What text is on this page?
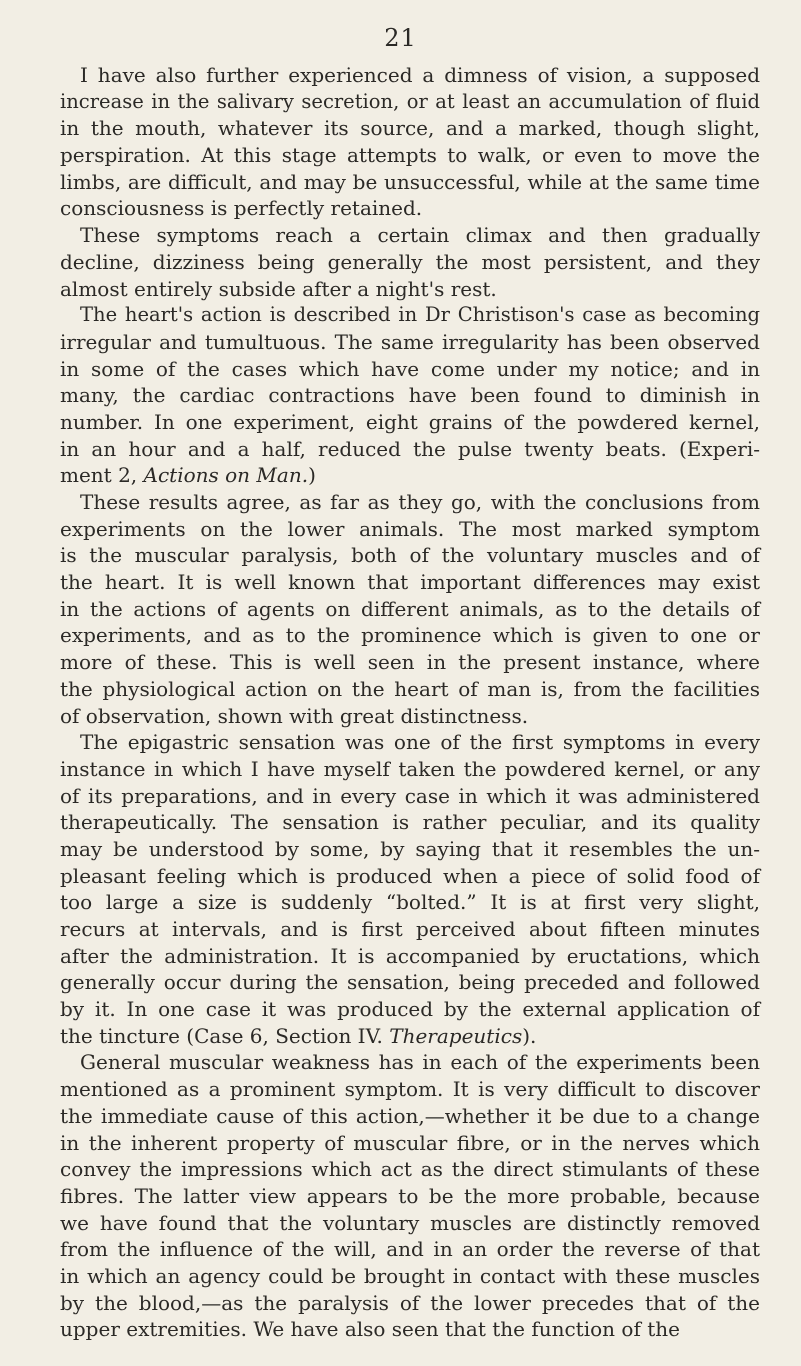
21
I have also further experienced a dimness of vision, a supposed
increase in the salivary secretion, or at least an accumulation of fluid
in the mouth, whatever its source, and a marked, though slight,
perspiration. At this stage attempts to walk, or even to move the
limbs, are difficult, and may be unsuccessful, while at the same time
consciousness is perfectly retained.
These symptoms reach a certain climax and then gradually
decline, dizziness being generally the most persistent, and they
almost entirely subside after a night's rest.
The heart's action is described in Dr Christison's case as becoming
irregular and tumultuous. The same irregularity has been observed
in some of the cases which have come under my notice; and in
many, the cardiac contractions have been found to diminish in
number. In one experiment, eight grains of the powdered kernel,
in an hour and a half, reduced the pulse twenty beats. (Experi-
ment 2, Actions on Man.)
These results agree, as far as they go, with the conclusions from
experiments on the lower animals. The most marked symptom
is the muscular paralysis, both of the voluntary muscles and of
the heart. It is well known that important differences may exist
in the actions of agents on different animals, as to the details of
experiments, and as to the prominence which is given to one or
more of these. This is well seen in the present instance, where
the physiological action on the heart of man is, from the facilities
of observation, shown with great distinctness.
The epigastric sensation was one of the first symptoms in every
instance in which I have myself taken the powdered kernel, or any
of its preparations, and in every case in which it was administered
therapeutically. The sensation is rather peculiar, and its quality
may be understood by some, by saying that it resembles the un-
pleasant feeling which is produced when a piece of solid food of
too large a size is suddenly “bolted.” It is at first very slight,
recurs at intervals, and is first perceived about fifteen minutes
after the administration. It is accompanied by eructations, which
generally occur during the sensation, being preceded and followed
by it. In one case it was produced by the external application of
the tincture (Case 6, Section IV. Therapeutics).
General muscular weakness has in each of the experiments been
mentioned as a prominent symptom. It is very difficult to discover
the immediate cause of this action,—whether it be due to a change
in the inherent property of muscular fibre, or in the nerves which
convey the impressions which act as the direct stimulants of these
fibres. The latter view appears to be the more probable, because
we have found that the voluntary muscles are distinctly removed
from the influence of the will, and in an order the reverse of that
in which an agency could be brought in contact with these muscles
by the blood,—as the paralysis of the lower precedes that of the
upper extremities. We have also seen that the function of the
